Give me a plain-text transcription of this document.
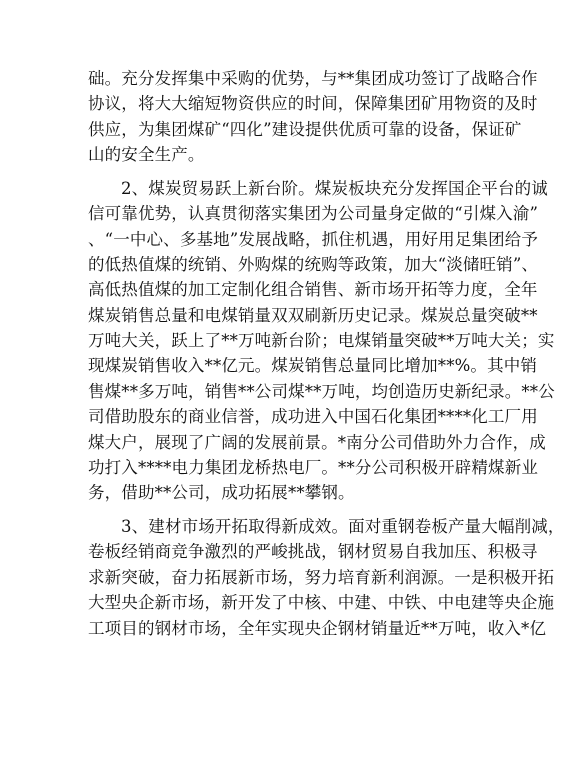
础。充分发挥集中采购的优势，与**集团成功签订了战略合作
协议，将大大缩短物资供应的时间，保障集团矿用物资的及时
供应，为集团煤矿“四化”建设提供优质可靠的设备，保证矿
山的安全生产。
2、煤炭贸易跃上新台阶。煤炭板块充分发挥国企平台的诚
信可靠优势，认真贯彻落实集团为公司量身定做的“引煤入渝”
、“一中心、多基地”发展战略，抓住机遇，用好用足集团给予
的低热值煤的统销、外购煤的统购等政策，加大“淡储旺销”、
高低热值煤的加工定制化组合销售、新市场开拓等力度，全年
煤炭销售总量和电煤销量双双刷新历史记录。煤炭总量突破**
万吨大关，跃上了**万吨新台阶；电煤销量突破**万吨大关；实
现煤炭销售收入**亿元。煤炭销售总量同比增加**%。其中销
售煤**多万吨，销售**公司煤**万吨，均创造历史新纪录。**公
司借助股东的商业信誉，成功进入中国石化集团****化工厂用
煤大户，展现了广阔的发展前景。*南分公司借助外力合作，成
功打入****电力集团龙桥热电厂。**分公司积极开辟精煤新业
务，借助**公司，成功拓展**攀钢。
3、建材市场开拓取得新成效。面对重钢卷板产量大幅削减，
卷板经销商竞争激烈的严峻挑战，钢材贸易自我加压、积极寻
求新突破，奋力拓展新市场，努力培育新利润源。一是积极开拓
大型央企新市场，新开发了中核、中建、中铁、中电建等央企施
工项目的钢材市场，全年实现央企钢材销量近**万吨，收入*亿
